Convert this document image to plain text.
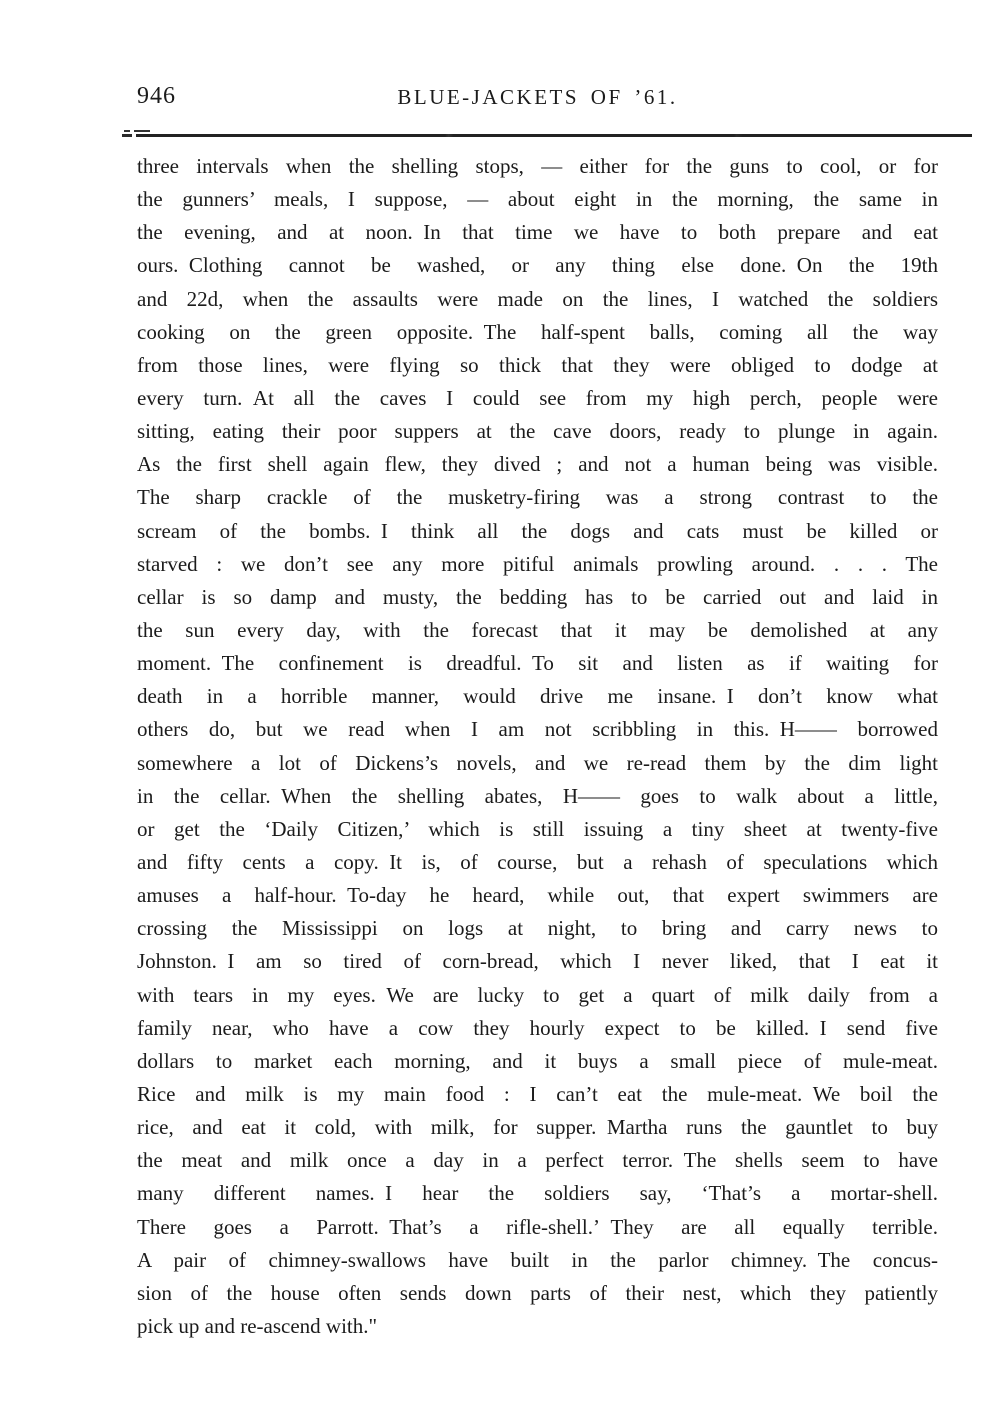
946	BLUE-JACKETS OF ’61.
three intervals when the shelling stops, — either for the guns to cool, or for
the gunners’ meals, I suppose, — about eight in the morning, the same in
the evening, and at noon. In that time we have to both prepare and eat
ours. Clothing cannot be washed, or any thing else done. On the 19th
and 22d, when the assaults were made on the lines, I watched the soldiers
cooking on the green opposite. The half-spent balls, coming all the way
from those lines, were flying so thick that they were obliged to dodge at
every turn. At all the caves I could see from my high perch, people were
sitting, eating their poor suppers at the cave doors, ready to plunge in again.
As the first shell again flew, they dived ; and not a human being was visible.
The sharp crackle of the musketry-firing was a strong contrast to the
scream of the bombs. I think all the dogs and cats must be killed or
starved : we don’t see any more pitiful animals prowling around. . . . The
cellar is so damp and musty, the bedding has to be carried out and laid in
the sun every day, with the forecast that it may be demolished at any
moment. The confinement is dreadful. To sit and listen as if waiting for
death in a horrible manner, would drive me insane. I don’t know what
others do, but we read when I am not scribbling in this. H—— borrowed
somewhere a lot of Dickens’s novels, and we re-read them by the dim light
in the cellar. When the shelling abates, H—— goes to walk about a little,
or get the ‘Daily Citizen,’ which is still issuing a tiny sheet at twenty-five
and fifty cents a copy. It is, of course, but a rehash of speculations which
amuses a half-hour. To-day he heard, while out, that expert swimmers are
crossing the Mississippi on logs at night, to bring and carry news to
Johnston. I am so tired of corn-bread, which I never liked, that I eat it
with tears in my eyes. We are lucky to get a quart of milk daily from a
family near, who have a cow they hourly expect to be killed. I send five
dollars to market each morning, and it buys a small piece of mule-meat.
Rice and milk is my main food : I can’t eat the mule-meat. We boil the
rice, and eat it cold, with milk, for supper. Martha runs the gauntlet to buy
the meat and milk once a day in a perfect terror. The shells seem to have
many different names. I hear the soldiers say, ‘That’s a mortar-shell.
There goes a Parrott. That’s a rifle-shell.’ They are all equally terrible.
A pair of chimney-swallows have built in the parlor chimney. The concus-
sion of the house often sends down parts of their nest, which they patiently
pick up and re-ascend with."
